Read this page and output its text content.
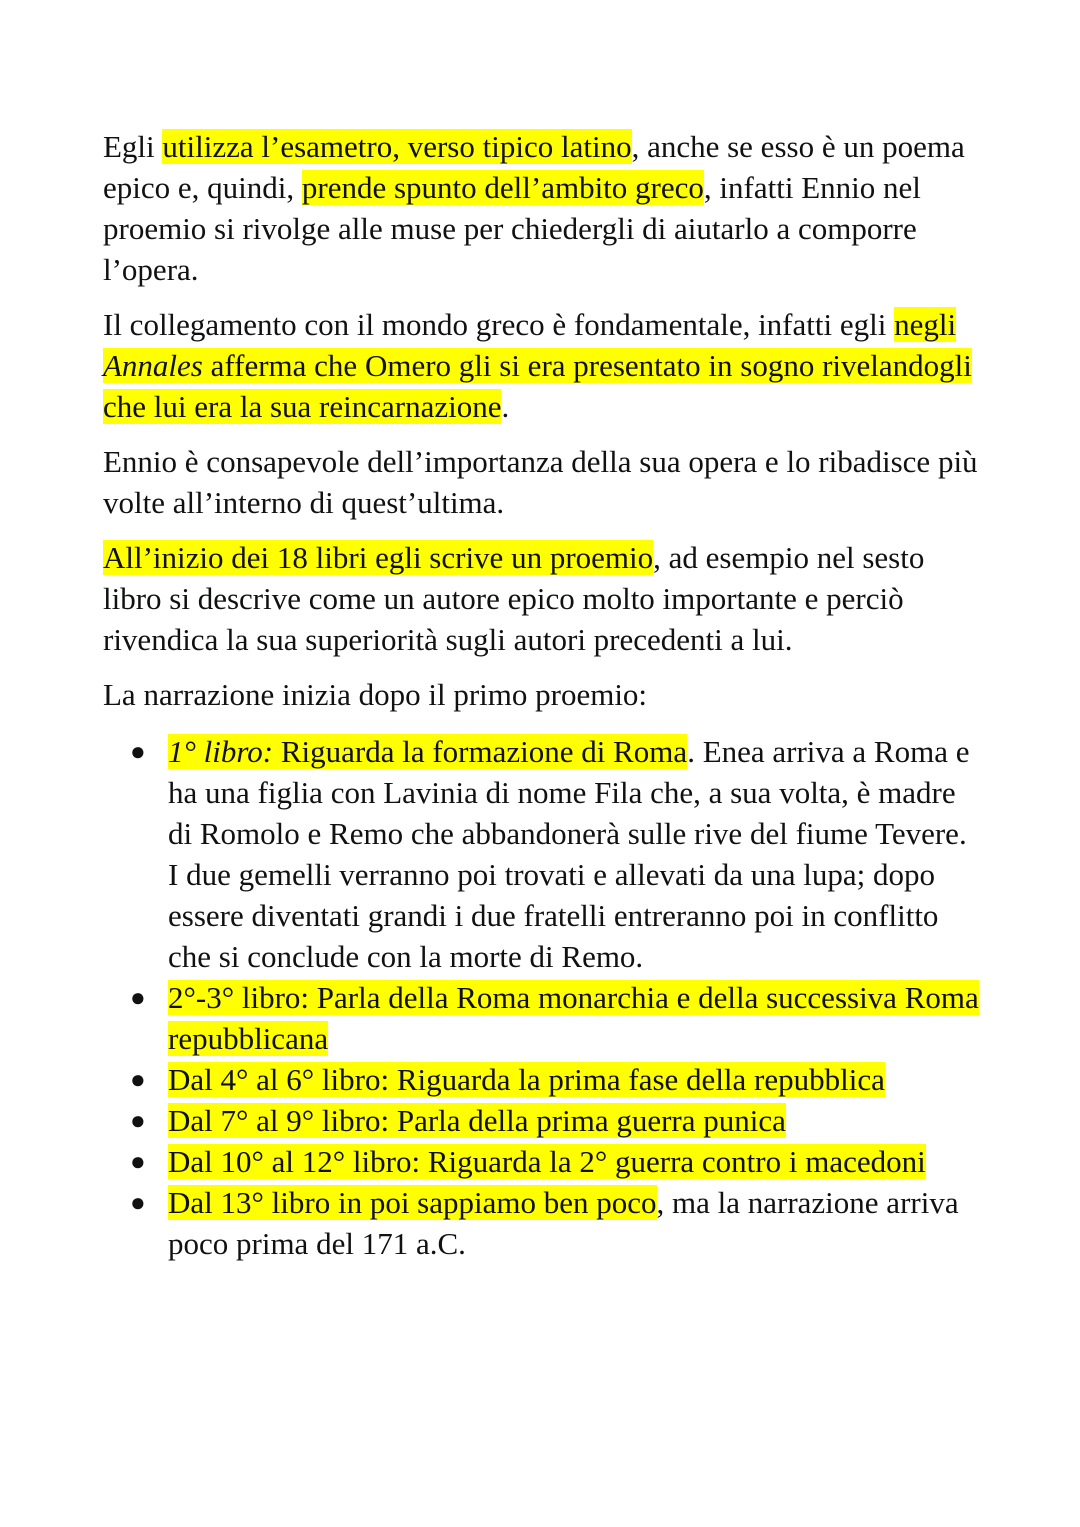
Egli utilizza l’esametro, verso tipico latino, anche se esso è un poema epico e, quindi, prende spunto dell’ambito greco, infatti Ennio nel proemio si rivolge alle muse per chiedergli di aiutarlo a comporre l’opera.

Il collegamento con il mondo greco è fondamentale, infatti egli negli Annales afferma che Omero gli si era presentato in sogno rivelandogli che lui era la sua reincarnazione.

Ennio è consapevole dell’importanza della sua opera e lo ribadisce più volte all’interno di quest’ultima.

All’inizio dei 18 libri egli scrive un proemio, ad esempio nel sesto libro si descrive come un autore epico molto importante e perciò rivendica la sua superiorità sugli autori precedenti a lui.

La narrazione inizia dopo il primo proemio:

● 1° libro: Riguarda la formazione di Roma. Enea arriva a Roma e ha una figlia con Lavinia di nome Fila che, a sua volta, è madre di Romolo e Remo che abbandonerà sulle rive del fiume Tevere.
I due gemelli verranno poi trovati e allevati da una lupa; dopo essere diventati grandi i due fratelli entreranno poi in conflitto che si conclude con la morte di Remo.
● 2°-3° libro: Parla della Roma monarchia e della successiva Roma repubblicana
● Dal 4° al 6° libro: Riguarda la prima fase della repubblica
● Dal 7° al 9° libro: Parla della prima guerra punica
● Dal 10° al 12° libro: Riguarda la 2° guerra contro i macedoni
● Dal 13° libro in poi sappiamo ben poco, ma la narrazione arriva poco prima del 171 a.C.
